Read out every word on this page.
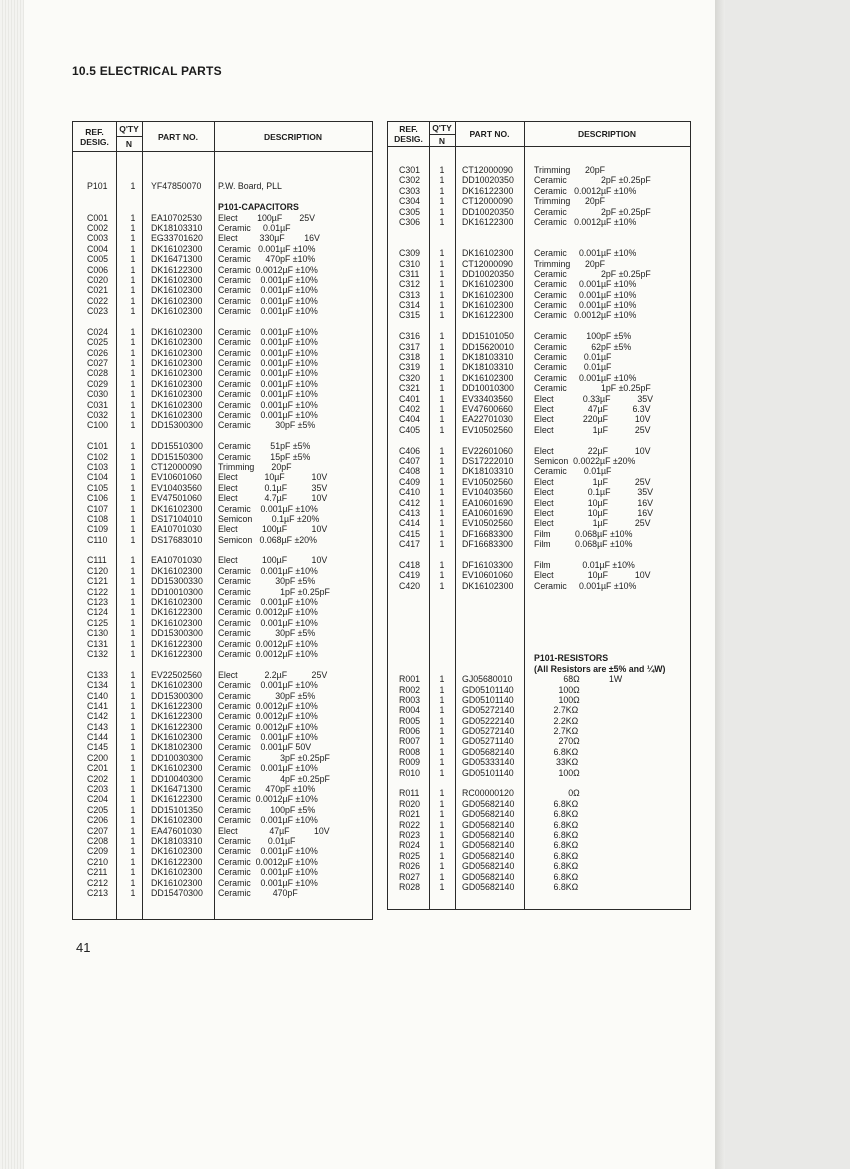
10.5 ELECTRICAL PARTS
REF.
DESIG.
Q'TY
N
PART NO.	DESCRIPTION
P101	1 YF47850070	P.W. Board, PLL
P101-CAPACITORS
C001	1 EA10702530	Elect        100µF       25V
C002	1 DK18103310	Ceramic     0.01µF
C003	1 EG33701620	Elect         330µF        16V
C004	1 DK16102300	Ceramic   0.001µF ±10%
C005	1 DK16471300	Ceramic      470pF ±10%
C006	1 DK16122300	Ceramic  0.0012µF ±10%
C020	1 DK16102300	Ceramic    0.001µF ±10%
C021	1 DK16102300	Ceramic    0.001µF ±10%
C022	1 DK16102300	Ceramic    0.001µF ±10%
C023	1 DK16102300	Ceramic    0.001µF ±10%
C024	1 DK16102300	Ceramic    0.001µF ±10%
C025	1 DK16102300	Ceramic    0.001µF ±10%
C026	1 DK16102300	Ceramic    0.001µF ±10%
C027	1 DK16102300	Ceramic    0.001µF ±10%
C028	1 DK16102300	Ceramic    0.001µF ±10%
C029	1 DK16102300	Ceramic    0.001µF ±10%
C030	1 DK16102300	Ceramic    0.001µF ±10%
C031	1 DK16102300	Ceramic    0.001µF ±10%
C032	1 DK16102300	Ceramic    0.001µF ±10%
C100	1 DD15300300	Ceramic          30pF ±5%
C101	1 DD15510300	Ceramic        51pF ±5%
C102	1 DD15150300	Ceramic        15pF ±5%
C103	1 CT12000090	Trimming       20pF
C104	1 EV10601060	Elect           10µF           10V
C105	1 EV10403560	Elect           0.1µF          35V
C106	1 EV47501060	Elect           4.7µF          10V
C107	1 DK16102300	Ceramic    0.001µF ±10%
C108	1 DS17104010	Semicon        0.1µF ±20%
C109	1 EA10701030	Elect          100µF          10V
C110	1 DS17683010	Semicon   0.068µF ±20%
C111	1 EA10701030	Elect          100µF          10V
C120	1 DK16102300	Ceramic    0.001µF ±10%
C121	1 DD15300330	Ceramic          30pF ±5%
C122	1 DD10010300	Ceramic            1pF ±0.25pF
C123	1 DK16102300	Ceramic    0.001µF ±10%
C124	1 DK16122300	Ceramic  0.0012µF ±10%
C125	1 DK16102300	Ceramic    0.001µF ±10%
C130	1 DD15300300	Ceramic          30pF ±5%
C131	1 DK16122300	Ceramic  0.0012µF ±10%
C132	1 DK16122300	Ceramic  0.0012µF ±10%
C133	1 EV22502560	Elect           2.2µF          25V
C134	1 DK16102300	Ceramic    0.001µF ±10%
C140	1 DD15300300	Ceramic          30pF ±5%
C141	1 DK16122300	Ceramic  0.0012µF ±10%
C142	1 DK16122300	Ceramic  0.0012µF ±10%
C143	1 DK16122300	Ceramic  0.0012µF ±10%
C144	1 DK16102300	Ceramic    0.001µF ±10%
C145	1 DK18102300	Ceramic    0.001µF 50V
C200	1 DD10030300	Ceramic            3pF ±0.25pF
C201	1 DK16102300	Ceramic    0.001µF ±10%
C202	1 DD10040300	Ceramic            4pF ±0.25pF
C203	1 DK16471300	Ceramic      470pF ±10%
C204	1 DK16122300	Ceramic  0.0012µF ±10%
C205	1 DD15101350	Ceramic        100pF ±5%
C206	1 DK16102300	Ceramic    0.001µF ±10%
C207	1 EA47601030	Elect             47µF          10V
C208	1 DK18103310	Ceramic       0.01µF
C209	1 DK16102300	Ceramic    0.001µF ±10%
C210	1 DK16122300	Ceramic  0.0012µF ±10%
C211	1 DK16102300	Ceramic    0.001µF ±10%
C212	1 DK16102300	Ceramic    0.001µF ±10%
C213	1 DD15470300	Ceramic         470pF
REF.
DESIG.
Q'TY
N
PART NO.	DESCRIPTION
C301	1	CT12000090	Trimming      20pF
C302	1	DD10020350	Ceramic              2pF ±0.25pF
C303	1	DK16122300	Ceramic   0.0012µF ±10%
C304	1	CT12000090	Trimming      20pF
C305	1	DD10020350	Ceramic              2pF ±0.25pF
C306	1	DK16122300	Ceramic   0.0012µF ±10%
C309	1	DK16102300	Ceramic     0.001µF ±10%
C310	1	CT12000090	Trimming      20pF
C311	1	DD10020350	Ceramic              2pF ±0.25pF
C312	1	DK16102300	Ceramic     0.001µF ±10%
C313	1	DK16102300	Ceramic     0.001µF ±10%
C314	1	DK16102300	Ceramic     0.001µF ±10%
C315	1	DK16122300	Ceramic   0.0012µF ±10%
C316	1	DD15101050	Ceramic        100pF ±5%
C317	1	DD15620010	Ceramic          62pF ±5%
C318	1	DK18103310	Ceramic       0.01µF
C319	1	DK18103310	Ceramic       0.01µF
C320	1	DK16102300	Ceramic     0.001µF ±10%
C321	1	DD10010300	Ceramic              1pF ±0.25pF
C401	1	EV33403560	Elect            0.33µF           35V
C402	1	EV47600660	Elect              47µF          6.3V
C404	1	EA22701030	Elect            220µF           10V
C405	1	EV10502560	Elect                1µF           25V
C406	1	EV22601060	Elect              22µF           10V
C407	1	DS17222010	Semicon  0.0022µF ±20%
C408	1	DK18103310	Ceramic       0.01µF
C409	1	EV10502560	Elect                1µF           25V
C410	1	EV10403560	Elect              0.1µF           35V
C412	1	EA10601690	Elect              10µF            16V
C413	1	EA10601690	Elect              10µF            16V
C414	1	EV10502560	Elect                1µF           25V
C415	1	DF16683300	Film          0.068µF ±10%
C417	1	DF16683300	Film          0.068µF ±10%
C418	1	DF16103300	Film             0.01µF ±10%
C419	1	EV10601060	Elect              10µF           10V
C420	1	DK16102300	Ceramic     0.001µF ±10%
P101-RESISTORS
(All Resistors are ±5% and ¼W)
R001	1	GJ05680010	68Ω            1W
R002	1	GD05101140	100Ω
R003	1	GD05101140	100Ω
R004	1	GD05272140	2.7KΩ
R005	1	GD05222140	2.2KΩ
R006	1	GD05272140	2.7KΩ
R007	1	GD05271140	270Ω
R008	1	GD05682140	6.8KΩ
R009	1	GD05333140	33KΩ
R010	1	GD05101140	100Ω
R011	1	RC00000120	0Ω
R020	1	GD05682140	6.8KΩ
R021	1	GD05682140	6.8KΩ
R022	1	GD05682140	6.8KΩ
R023	1	GD05682140	6.8KΩ
R024	1	GD05682140	6.8KΩ
R025	1	GD05682140	6.8KΩ
R026	1	GD05682140	6.8KΩ
R027	1	GD05682140	6.8KΩ
R028	1	GD05682140	6.8KΩ
41
